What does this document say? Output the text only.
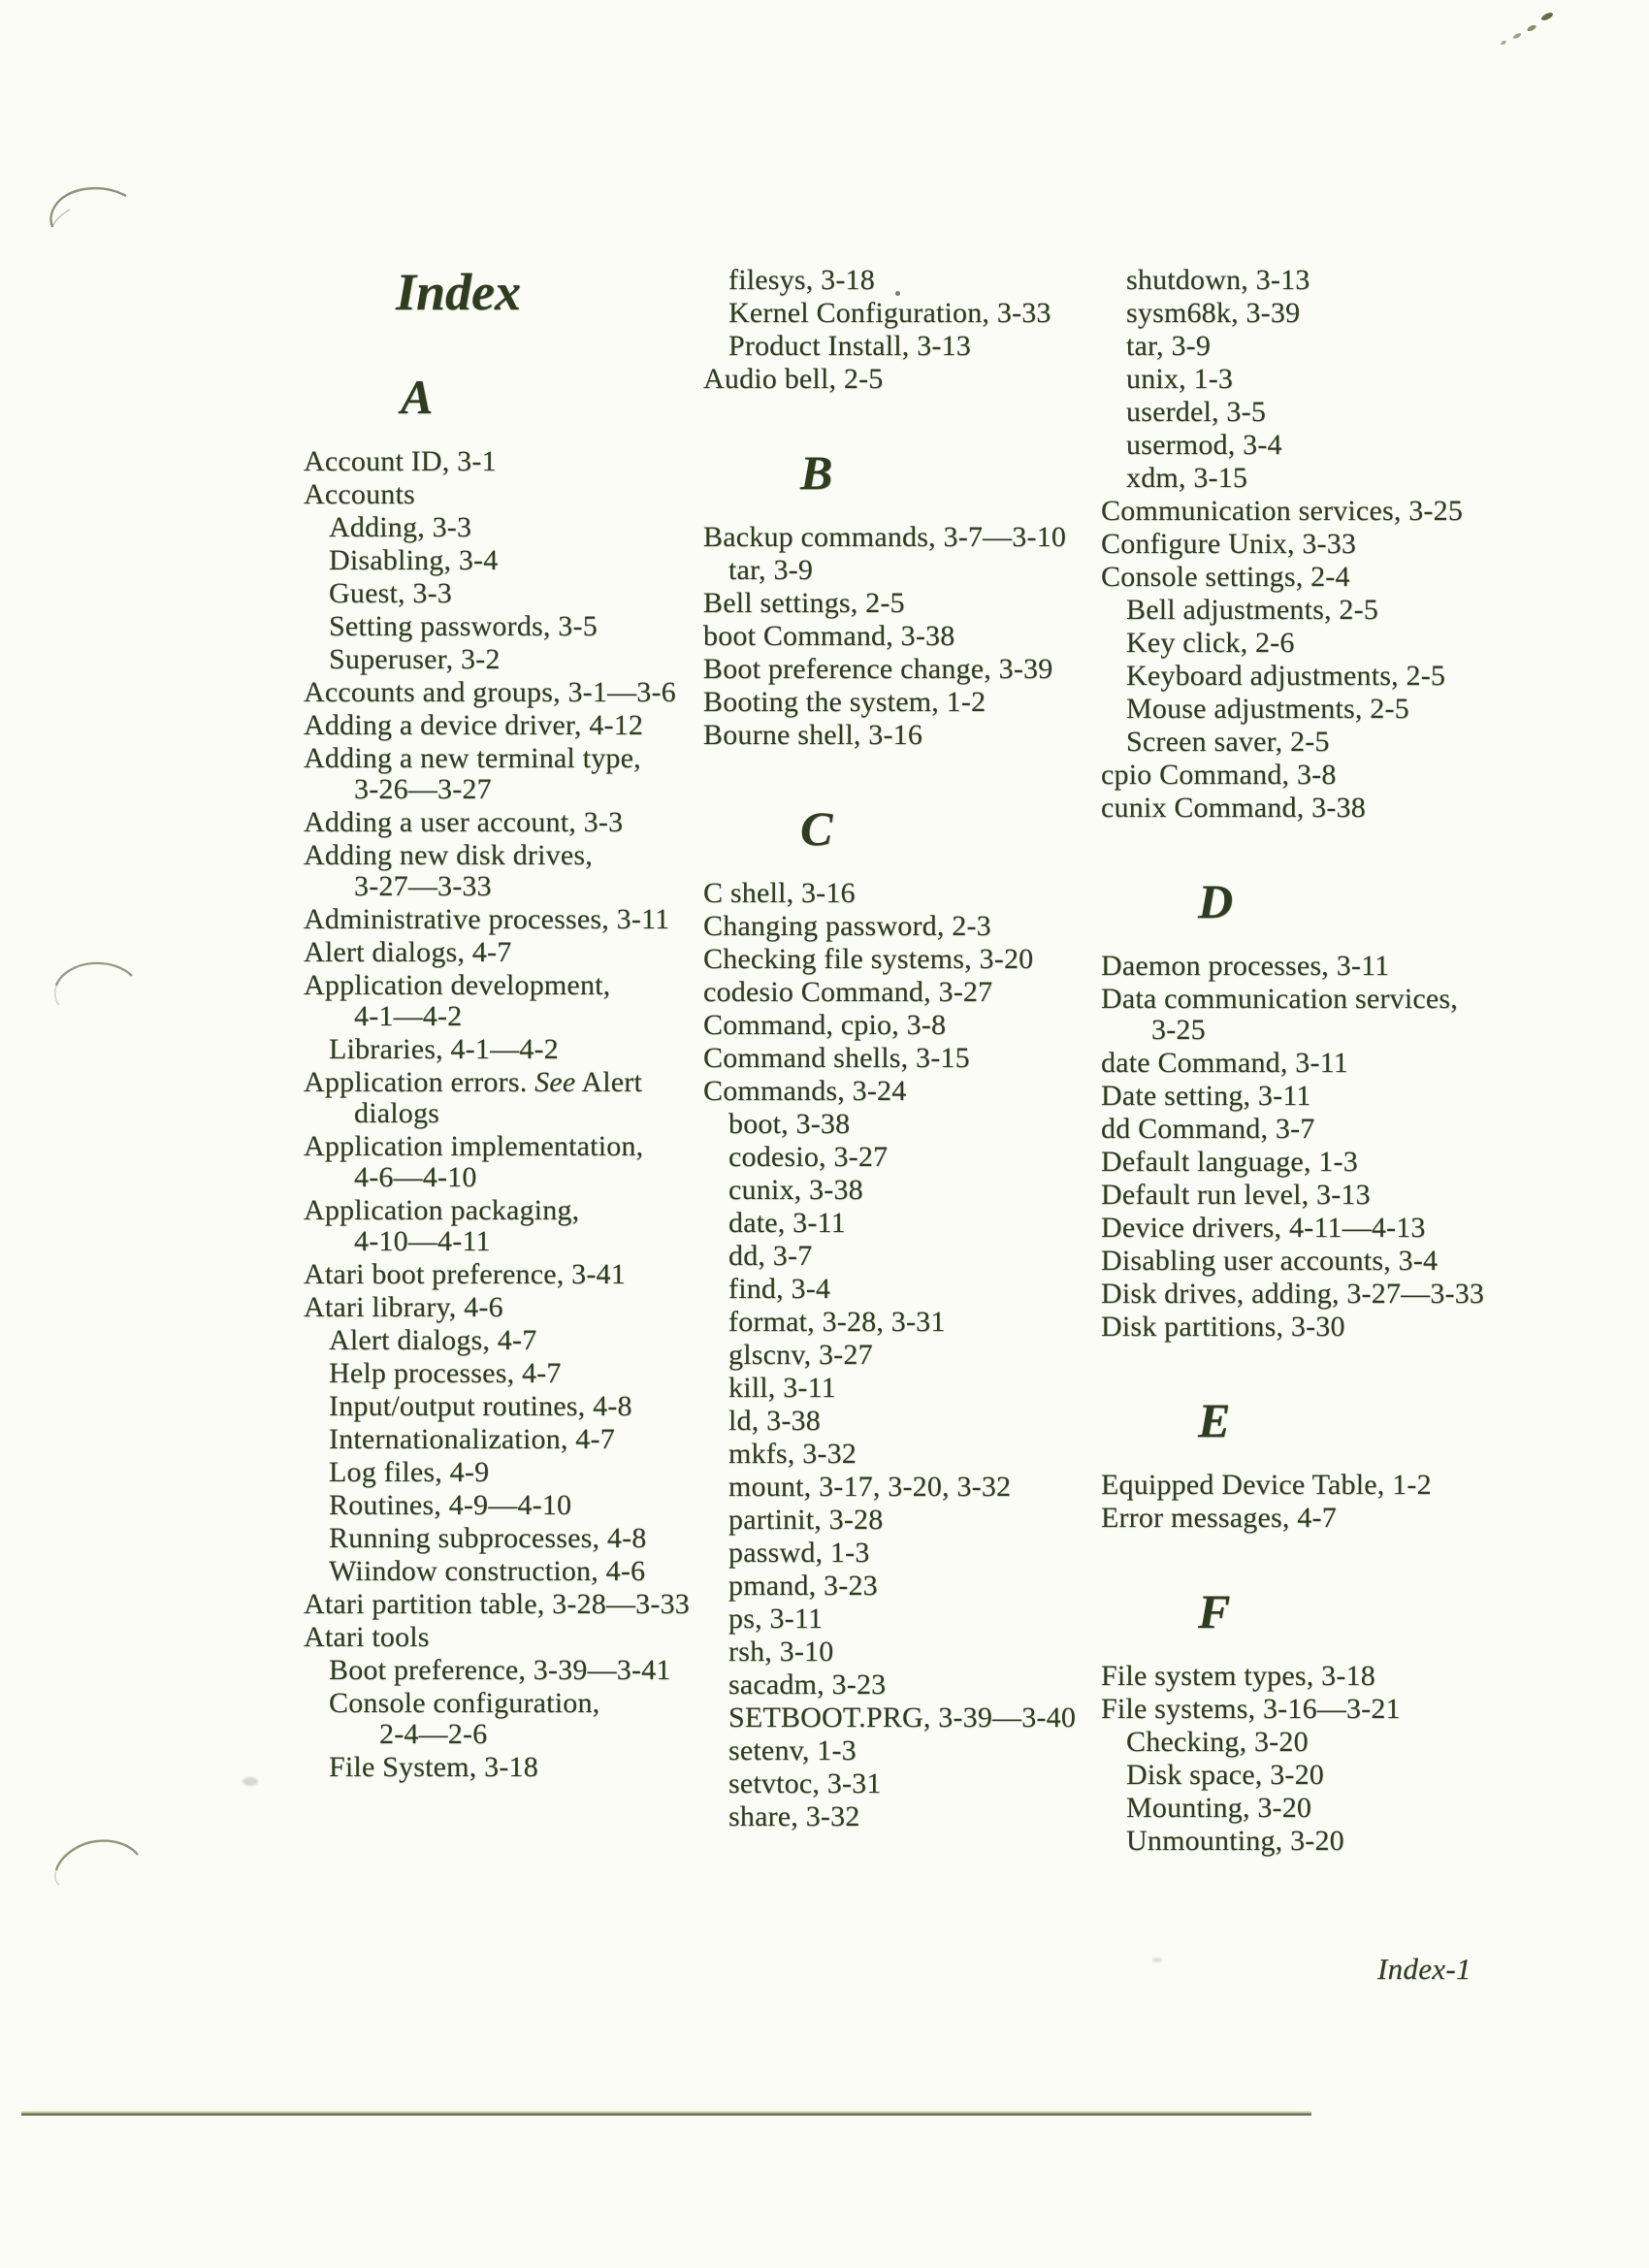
Index
A
Account ID, 3-1
Accounts
Adding, 3-3
Disabling, 3-4
Guest, 3-3
Setting passwords, 3-5
Superuser, 3-2
Accounts and groups, 3-1—3-6
Adding a device driver, 4-12
Adding a new terminal type,
3-26—3-27
Adding a user account, 3-3
Adding new disk drives,
3-27—3-33
Administrative processes, 3-11
Alert dialogs, 4-7
Application development,
4-1—4-2
Libraries, 4-1—4-2
Application errors. See Alert
dialogs
Application implementation,
4-6—4-10
Application packaging,
4-10—4-11
Atari boot preference, 3-41
Atari library, 4-6
Alert dialogs, 4-7
Help processes, 4-7
Input/output routines, 4-8
Internationalization, 4-7
Log files, 4-9
Routines, 4-9—4-10
Running subprocesses, 4-8
Wiindow construction, 4-6
Atari partition table, 3-28—3-33
Atari tools
Boot preference, 3-39—3-41
Console configuration,
2-4—2-6
File System, 3-18
filesys, 3-18
Kernel Configuration, 3-33
Product Install, 3-13
Audio bell, 2-5
B
Backup commands, 3-7—3-10
tar, 3-9
Bell settings, 2-5
boot Command, 3-38
Boot preference change, 3-39
Booting the system, 1-2
Bourne shell, 3-16
C
C shell, 3-16
Changing password, 2-3
Checking file systems, 3-20
codesio Command, 3-27
Command, cpio, 3-8
Command shells, 3-15
Commands, 3-24
boot, 3-38
codesio, 3-27
cunix, 3-38
date, 3-11
dd, 3-7
find, 3-4
format, 3-28, 3-31
glscnv, 3-27
kill, 3-11
ld, 3-38
mkfs, 3-32
mount, 3-17, 3-20, 3-32
partinit, 3-28
passwd, 1-3
pmand, 3-23
ps, 3-11
rsh, 3-10
sacadm, 3-23
SETBOOT.PRG, 3-39—3-40
setenv, 1-3
setvtoc, 3-31
share, 3-32
shutdown, 3-13
sysm68k, 3-39
tar, 3-9
unix, 1-3
userdel, 3-5
usermod, 3-4
xdm, 3-15
Communication services, 3-25
Configure Unix, 3-33
Console settings, 2-4
Bell adjustments, 2-5
Key click, 2-6
Keyboard adjustments, 2-5
Mouse adjustments, 2-5
Screen saver, 2-5
cpio Command, 3-8
cunix Command, 3-38
D
Daemon processes, 3-11
Data communication services,
3-25
date Command, 3-11
Date setting, 3-11
dd Command, 3-7
Default language, 1-3
Default run level, 3-13
Device drivers, 4-11—4-13
Disabling user accounts, 3-4
Disk drives, adding, 3-27—3-33
Disk partitions, 3-30
E
Equipped Device Table, 1-2
Error messages, 4-7
F
File system types, 3-18
File systems, 3-16—3-21
Checking, 3-20
Disk space, 3-20
Mounting, 3-20
Unmounting, 3-20
Index-1
